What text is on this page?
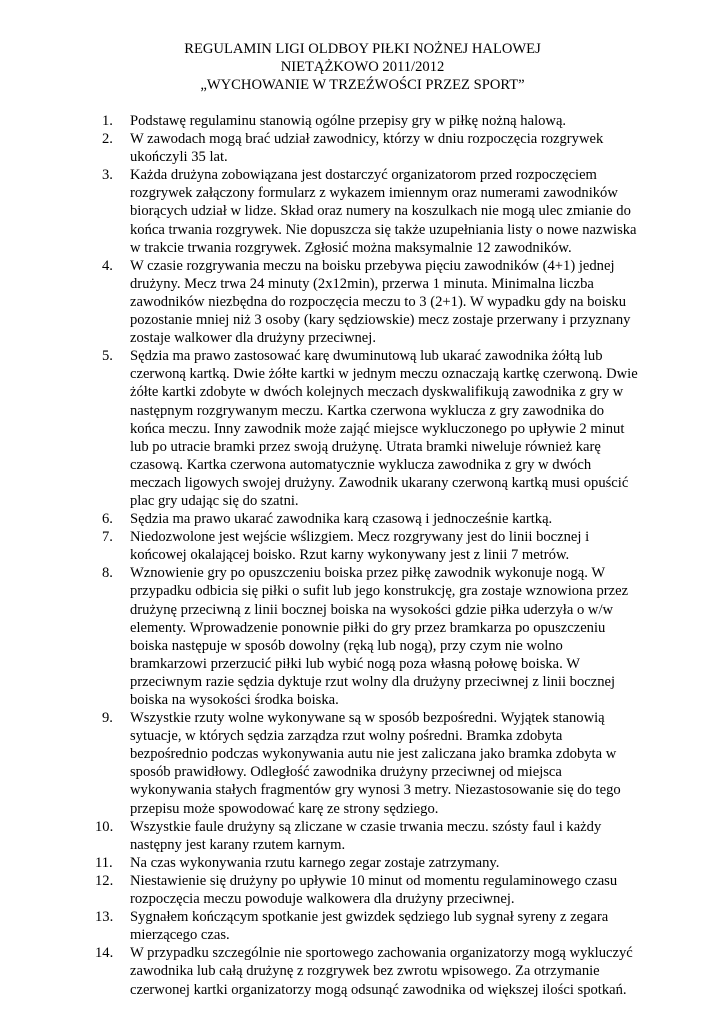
REGULAMIN LIGI OLDBOY PIŁKI NOŻNEJ HALOWEJ
NIETĄŻKOWO 2011/2012
„WYCHOWANIE W TRZEŹWOŚCI PRZEZ SPORT”
1.	Podstawę regulaminu stanowią ogólne przepisy gry w piłkę nożną halową.
2.	W zawodach mogą brać udział zawodnicy, którzy w dniu rozpoczęcia rozgrywek ukończyli 35 lat.
3.	Każda drużyna zobowiązana jest dostarczyć organizatorom przed rozpoczęciem rozgrywek załączony formularz z wykazem imiennym oraz numerami zawodników biorących udział w lidze. Skład oraz numery na koszulkach nie mogą ulec zmianie do końca trwania rozgrywek. Nie dopuszcza się także uzupełniania listy o nowe nazwiska w trakcie trwania rozgrywek. Zgłosić można maksymalnie 12 zawodników.
4.	W czasie rozgrywania meczu na boisku przebywa pięciu zawodników (4+1) jednej drużyny. Mecz trwa 24 minuty (2x12min), przerwa 1 minuta. Minimalna liczba zawodników niezbędna do rozpoczęcia meczu to 3 (2+1). W wypadku gdy na boisku pozostanie mniej niż 3 osoby (kary sędziowskie) mecz zostaje przerwany i przyznany zostaje walkower dla drużyny przeciwnej.
5.	Sędzia ma prawo zastosować karę dwuminutową lub ukarać zawodnika żółtą lub czerwoną kartką. Dwie żółte kartki w jednym meczu oznaczają kartkę czerwoną. Dwie żółte kartki zdobyte w dwóch kolejnych meczach dyskwalifikują zawodnika z gry w następnym rozgrywanym meczu. Kartka czerwona wyklucza z gry zawodnika do końca meczu. Inny zawodnik może zająć miejsce wykluczonego po upływie 2 minut lub po utracie bramki przez swoją drużynę. Utrata bramki niweluje również karę czasową. Kartka czerwona automatycznie wyklucza zawodnika z gry w dwóch meczach ligowych swojej drużyny. Zawodnik ukarany czerwoną kartką musi opuścić plac gry udając się do szatni.
6.	Sędzia ma prawo ukarać zawodnika karą czasową i jednocześnie kartką.
7.	Niedozwolone jest wejście wślizgiem. Mecz rozgrywany jest do linii bocznej i końcowej okalającej boisko. Rzut karny wykonywany jest z linii 7 metrów.
8.	Wznowienie gry po opuszczeniu boiska przez piłkę zawodnik wykonuje nogą. W przypadku odbicia się piłki o sufit lub jego konstrukcję, gra zostaje wznowiona przez drużynę przeciwną z linii bocznej boiska na wysokości gdzie piłka uderzyła o w/w elementy. Wprowadzenie ponownie piłki do gry przez bramkarza po opuszczeniu boiska następuje w sposób dowolny (ręką lub nogą), przy czym nie wolno bramkarzowi przerzucić piłki lub wybić nogą poza własną połowę boiska. W przeciwnym razie sędzia dyktuje rzut wolny dla drużyny przeciwnej z linii bocznej boiska na wysokości środka boiska.
9.	Wszystkie rzuty wolne wykonywane są w sposób bezpośredni. Wyjątek stanowią sytuacje, w których sędzia zarządza rzut wolny pośredni. Bramka zdobyta bezpośrednio podczas wykonywania autu nie jest zaliczana jako bramka zdobyta w sposób prawidłowy. Odległość zawodnika drużyny przeciwnej od miejsca wykonywania stałych fragmentów gry wynosi 3 metry. Niezastosowanie się do tego przepisu może spowodować karę ze strony sędziego.
10.	Wszystkie faule drużyny są zliczane w czasie trwania meczu. szósty faul i każdy następny jest karany rzutem karnym.
11.	Na czas wykonywania rzutu karnego zegar zostaje zatrzymany.
12.	Niestawienie się drużyny po upływie 10 minut od momentu regulaminowego czasu rozpoczęcia meczu powoduje walkowera dla drużyny przeciwnej.
13.	Sygnałem kończącym spotkanie jest gwizdek sędziego lub sygnał syreny z zegara mierzącego czas.
14.	W przypadku szczególnie nie sportowego zachowania organizatorzy mogą wykluczyć zawodnika lub całą drużynę z rozgrywek bez zwrotu wpisowego. Za otrzymanie czerwonej kartki organizatorzy mogą odsunąć zawodnika od większej ilości spotkań.
